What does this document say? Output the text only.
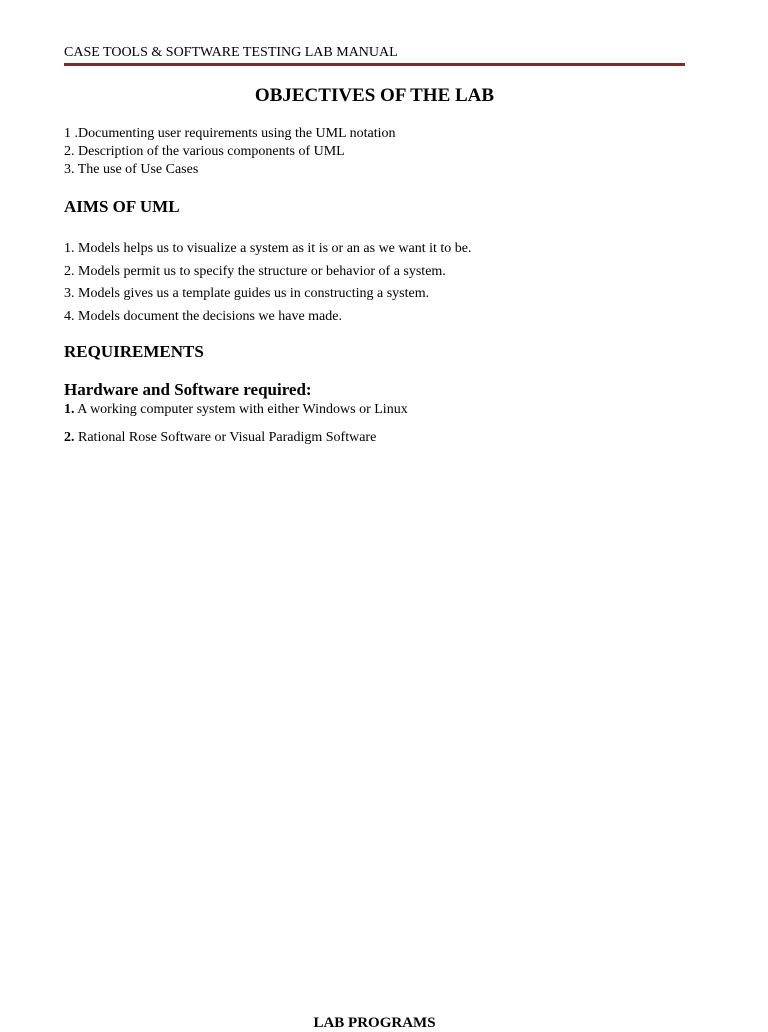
CASE TOOLS & SOFTWARE TESTING LAB MANUAL
OBJECTIVES OF THE LAB
1 .Documenting user requirements using the UML notation
2. Description of the various components of UML
3. The use of Use Cases
AIMS OF UML
1. Models helps us to visualize a system as it is or an as we want it to be.
2. Models permit us to specify the structure or behavior of a system.
3. Models gives us a template guides us in constructing a system.
4. Models document the decisions we have made.
REQUIREMENTS
Hardware and Software required:
1. A working computer system with either Windows or Linux
2. Rational Rose Software or Visual Paradigm Software
LAB PROGRAMS
